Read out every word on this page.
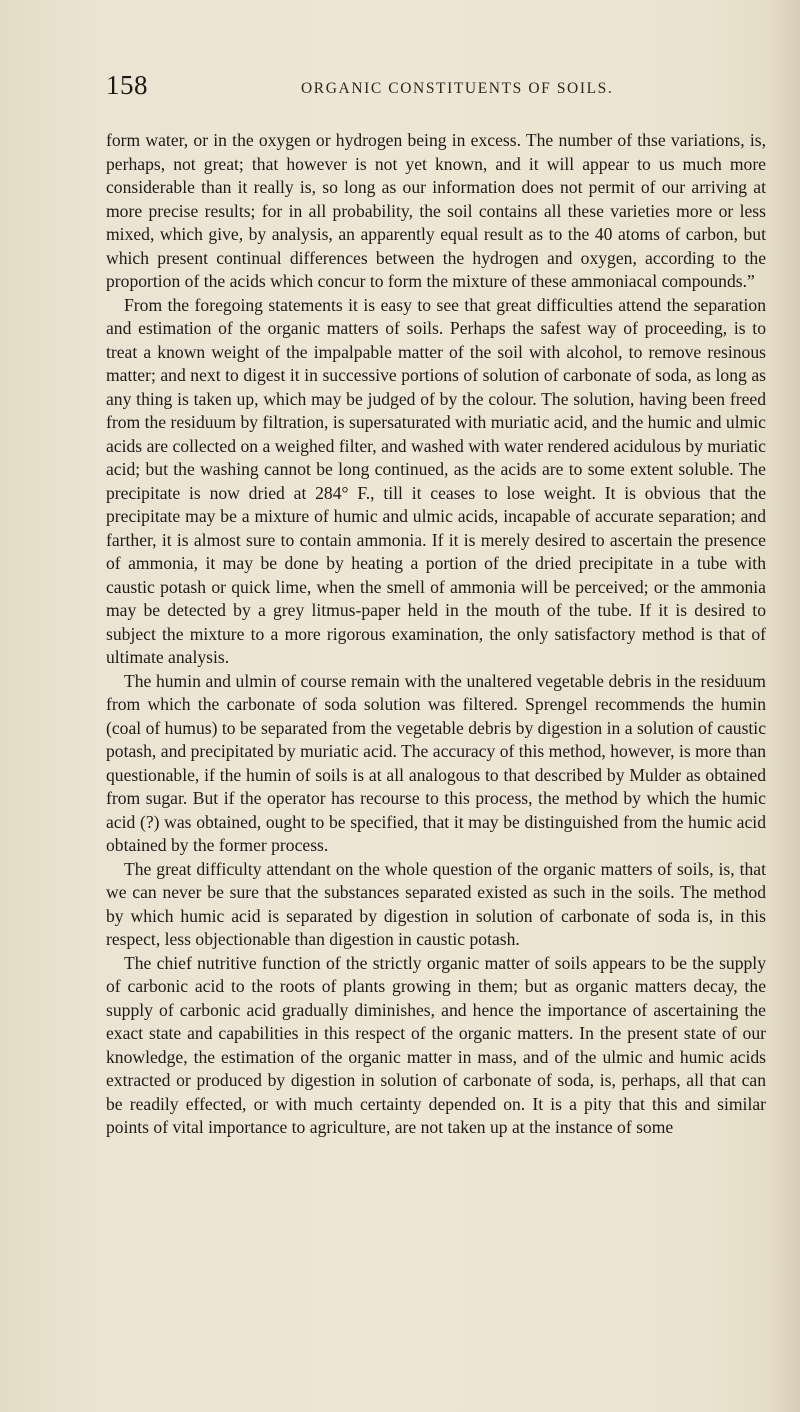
158	ORGANIC CONSTITUENTS OF SOILS.

form water, or in the oxygen or hydrogen being in excess. The number of thse variations, is, perhaps, not great; that however is not yet known, and it will appear to us much more considerable than it really is, so long as our information does not permit of our arriving at more precise results; for in all probability, the soil contains all these varieties more or less mixed, which give, by analysis, an apparently equal result as to the 40 atoms of carbon, but which present continual differences between the hydrogen and oxygen, according to the proportion of the acids which concur to form the mixture of these ammoniacal compounds.”

From the foregoing statements it is easy to see that great difficulties attend the separation and estimation of the organic matters of soils. Perhaps the safest way of proceeding, is to treat a known weight of the impalpable matter of the soil with alcohol, to remove resinous matter; and next to digest it in successive portions of solution of carbonate of soda, as long as any thing is taken up, which may be judged of by the colour. The solution, having been freed from the residuum by filtration, is supersaturated with muriatic acid, and the humic and ulmic acids are collected on a weighed filter, and washed with water rendered acidulous by muriatic acid; but the washing cannot be long continued, as the acids are to some extent soluble. The precipitate is now dried at 284° F., till it ceases to lose weight. It is obvious that the precipitate may be a mixture of humic and ulmic acids, incapable of accurate separation; and farther, it is almost sure to contain ammonia. If it is merely desired to ascertain the presence of ammonia, it may be done by heating a portion of the dried precipitate in a tube with caustic potash or quick lime, when the smell of ammonia will be perceived; or the ammonia may be detected by a grey litmus-paper held in the mouth of the tube. If it is desired to subject the mixture to a more rigorous examination, the only satisfactory method is that of ultimate analysis.

The humin and ulmin of course remain with the unaltered vegetable debris in the residuum from which the carbonate of soda solution was filtered. Sprengel recommends the humin (coal of humus) to be separated from the vegetable debris by digestion in a solution of caustic potash, and precipitated by muriatic acid. The accuracy of this method, however, is more than questionable, if the humin of soils is at all analogous to that described by Mulder as obtained from sugar. But if the operator has recourse to this process, the method by which the humic acid (?) was obtained, ought to be specified, that it may be distinguished from the humic acid obtained by the former process.

The great difficulty attendant on the whole question of the organic matters of soils, is, that we can never be sure that the substances separated existed as such in the soils. The method by which humic acid is separated by digestion in solution of carbonate of soda is, in this respect, less objectionable than digestion in caustic potash.

The chief nutritive function of the strictly organic matter of soils appears to be the supply of carbonic acid to the roots of plants growing in them; but as organic matters decay, the supply of carbonic acid gradually diminishes, and hence the importance of ascertaining the exact state and capabilities in this respect of the organic matters. In the present state of our knowledge, the estimation of the organic matter in mass, and of the ulmic and humic acids extracted or produced by digestion in solution of carbonate of soda, is, perhaps, all that can be readily effected, or with much certainty depended on. It is a pity that this and similar points of vital importance to agriculture, are not taken up at the instance of some
